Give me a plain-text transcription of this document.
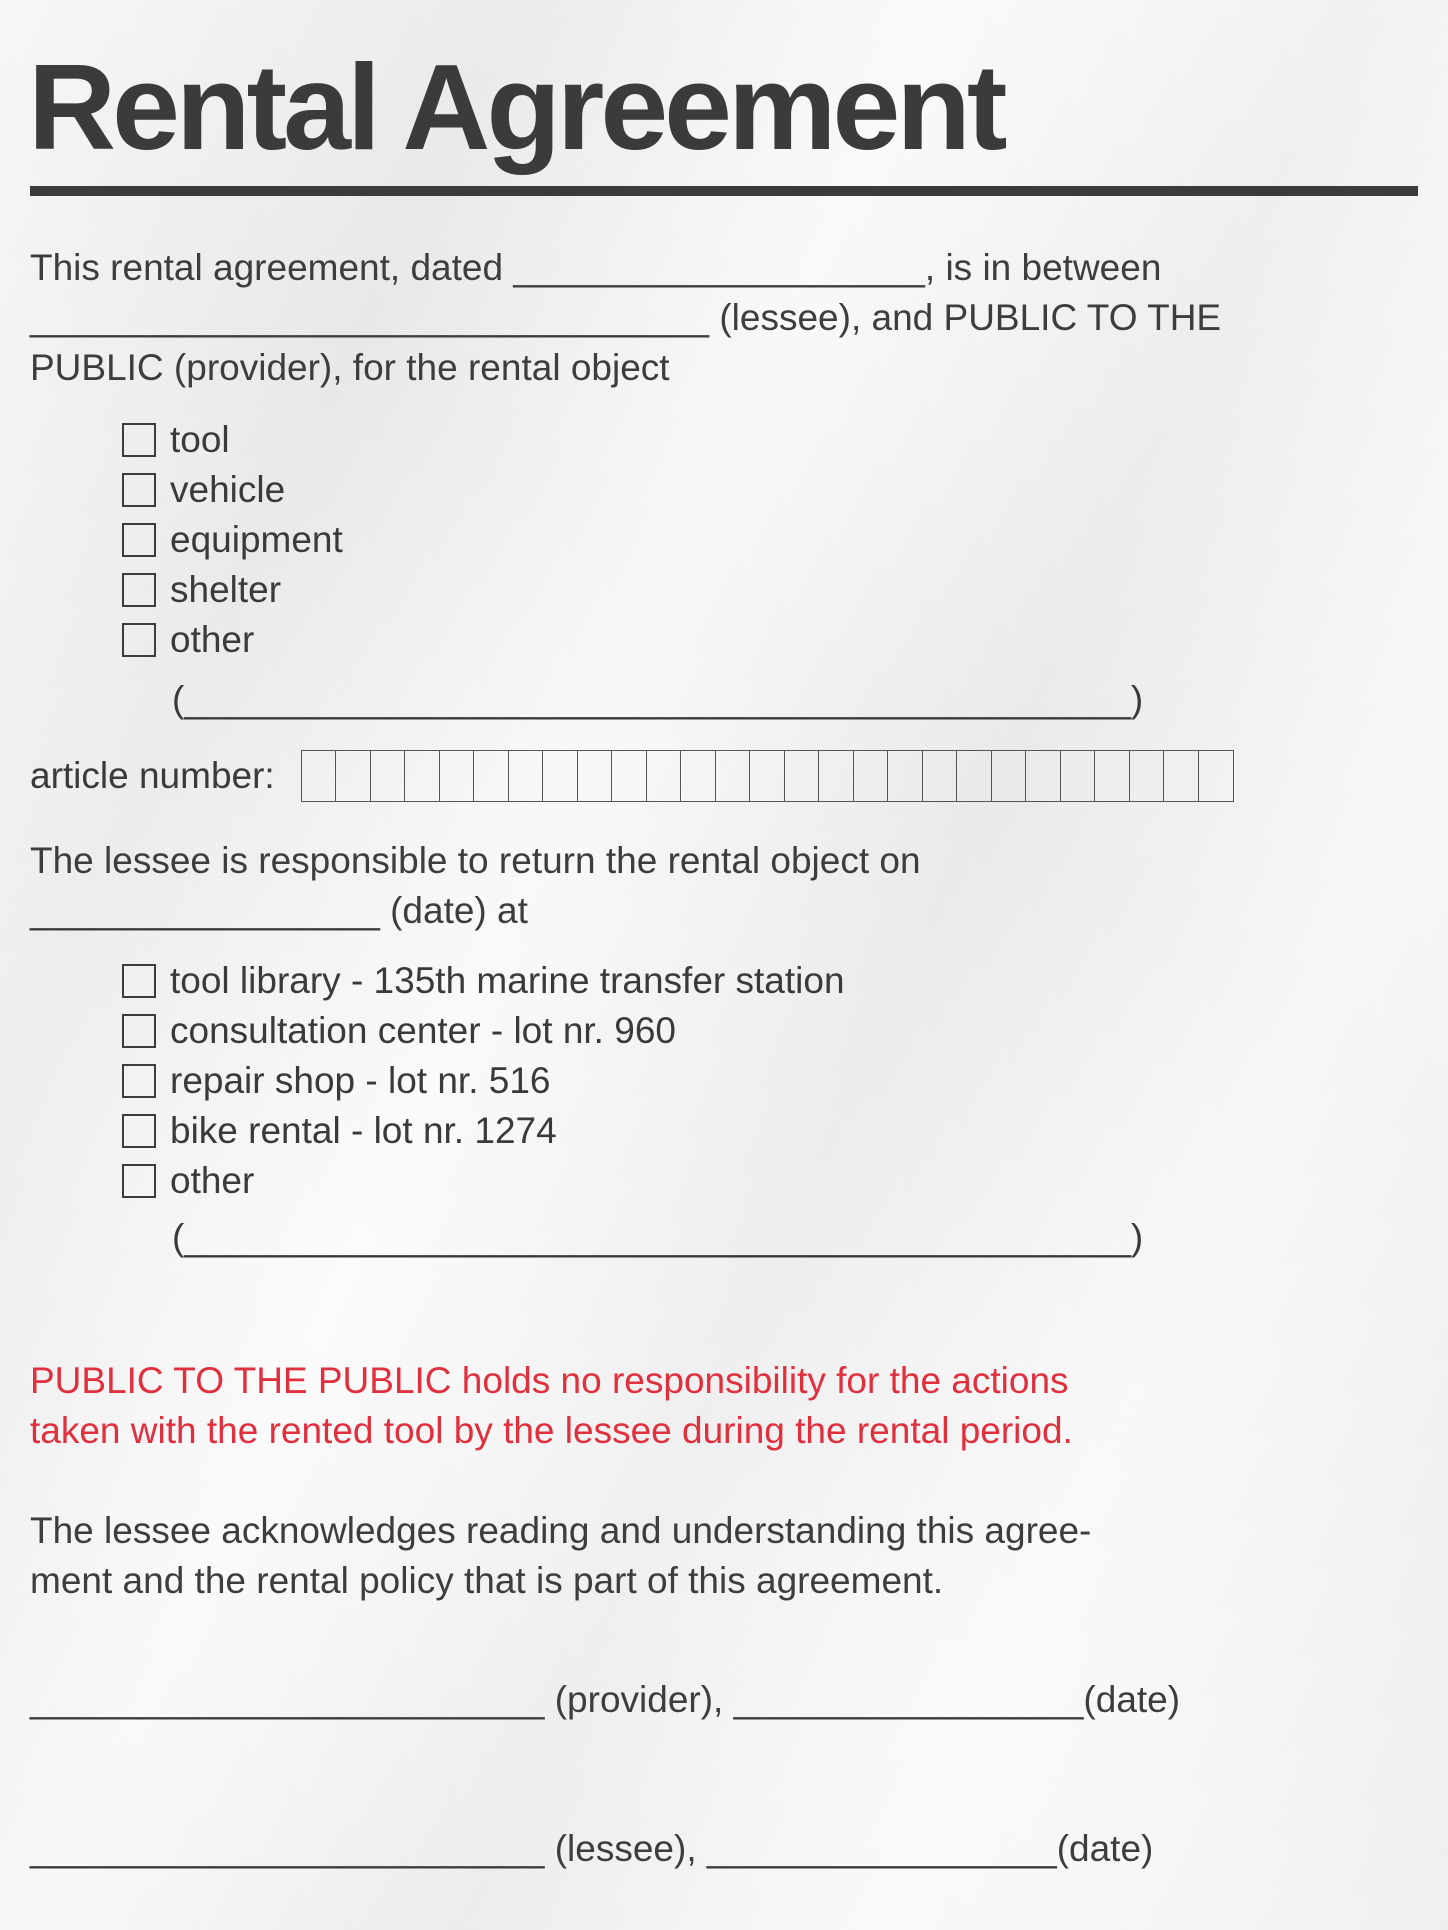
Rental Agreement
This rental agreement, dated ____________________, is in between
_________________________________ (lessee), and PUBLIC TO THE
PUBLIC (provider), for the rental object
tool
vehicle
equipment
shelter
other
(______________________________________________)
article number:
The lessee is responsible to return the rental object on
_________________ (date) at
tool library - 135th marine transfer station
consultation center - lot nr. 960
repair shop - lot nr. 516
bike rental - lot nr. 1274
other
(______________________________________________)
PUBLIC TO THE PUBLIC holds no responsibility for the actions
taken with the rented tool by the lessee during the rental period.
The lessee acknowledges reading and understanding this agree-
ment and the rental policy that is part of this agreement.
_________________________ (provider), _________________(date)
_________________________ (lessee), _________________(date)
